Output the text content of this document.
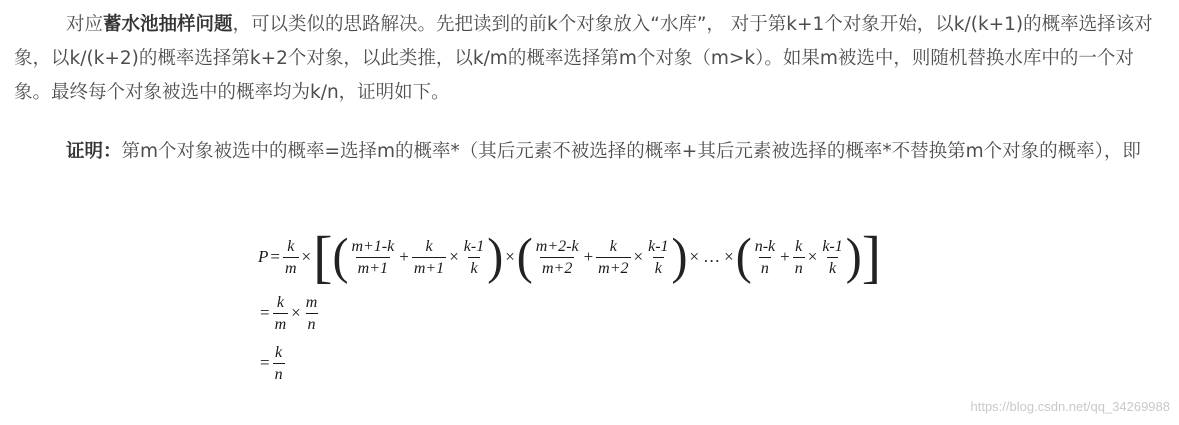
对应蓄水池抽样问题，可以类似的思路解决。先把读到的前k个对象放入“水库”， 对于第k+1个对象开始，以k/(k+1)的概率选择该对象，以k/(k+2)的概率选择第k+2个对象，以此类推，以k/m的概率选择第m个对象（m>k）。如果m被选中，则随机替换水库中的一个对象。最终每个对象被选中的概率均为k/n，证明如下。
证明：第m个对象被选中的概率=选择m的概率*（其后元素不被选择的概率+其后元素被选择的概率*不替换第m个对象的概率），即
$P = \frac{k}{m}$ × [ ( $\frac{m+1-k}{m+1} + \frac{k}{m+1} \times \frac{k-1}{k}$ ) × ( $\frac{m+2-k}{m+2} + \frac{k}{m+2} \times \frac{k-1}{k}$ ) × … × ( $\frac{n-k}{n} + \frac{k}{n} \times \frac{k-1}{k}$ ) ]
= $\frac{k}{m} \times \frac{m}{n}$
= $\frac{k}{n}$
https://blog.csdn.net/qq_34269988
